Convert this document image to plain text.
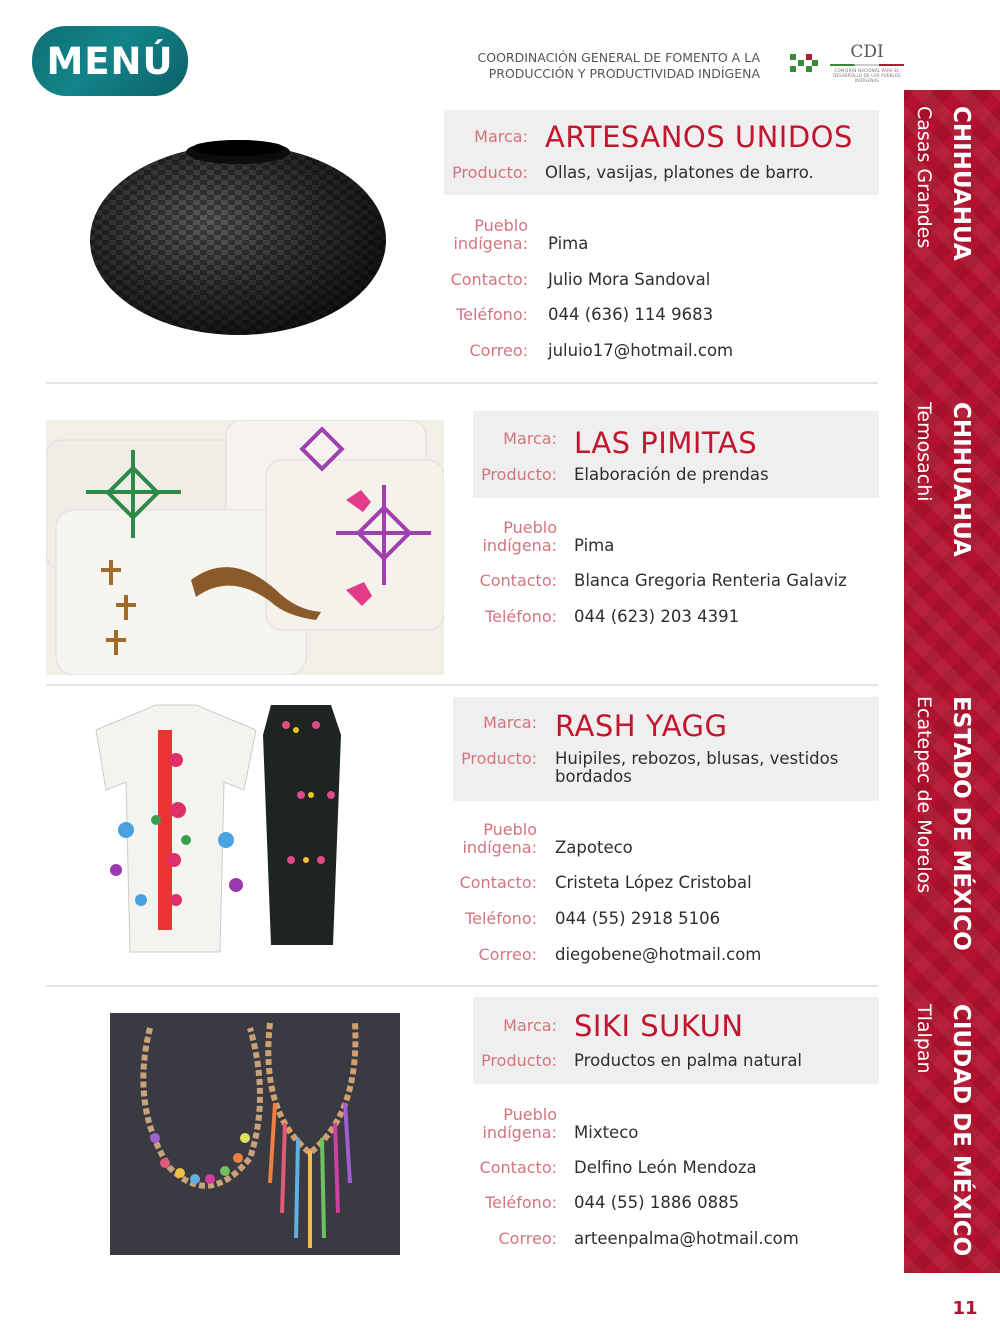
MENÚ	COORDINACIÓN GENERAL DE FOMENTO A LA
PRODUCCIÓN Y PRODUCTIVIDAD INDÍGENA
CDI
COMISIÓN NACIONAL PARA EL DESARROLLO DE LOS PUEBLOS INDÍGENAS
CHIHUAHUA
Casas Grandes
CHIHUAHUA
Temosachi
ESTADO DE MÉXICO
Ecatepec de Morelos
CIUDAD DE MÉXICO
Tlalpan
11
Marca: ARTESANOS UNIDOS
Producto: Ollas, vasijas, platones de barro.
Pueblo
indígena: Pima
Contacto: Julio Mora Sandoval
Teléfono: 044 (636) 114 9683
Correo: juluio17@hotmail.com
Marca: LAS PIMITAS
Producto: Elaboración de prendas
Pueblo
indígena: Pima
Contacto: Blanca Gregoria Renteria Galaviz
Teléfono: 044 (623) 203 4391
Marca: RASH YAGG
Producto: Huipiles, rebozos, blusas, vestidos
bordados
Pueblo
indígena: Zapoteco
Contacto: Cristeta López Cristobal
Teléfono: 044 (55) 2918 5106
Correo: diegobene@hotmail.com
Marca: SIKI SUKUN
Producto: Productos en palma natural
Pueblo
indígena: Mixteco
Contacto: Delfino León Mendoza
Teléfono: 044 (55) 1886 0885
Correo: arteenpalma@hotmail.com
